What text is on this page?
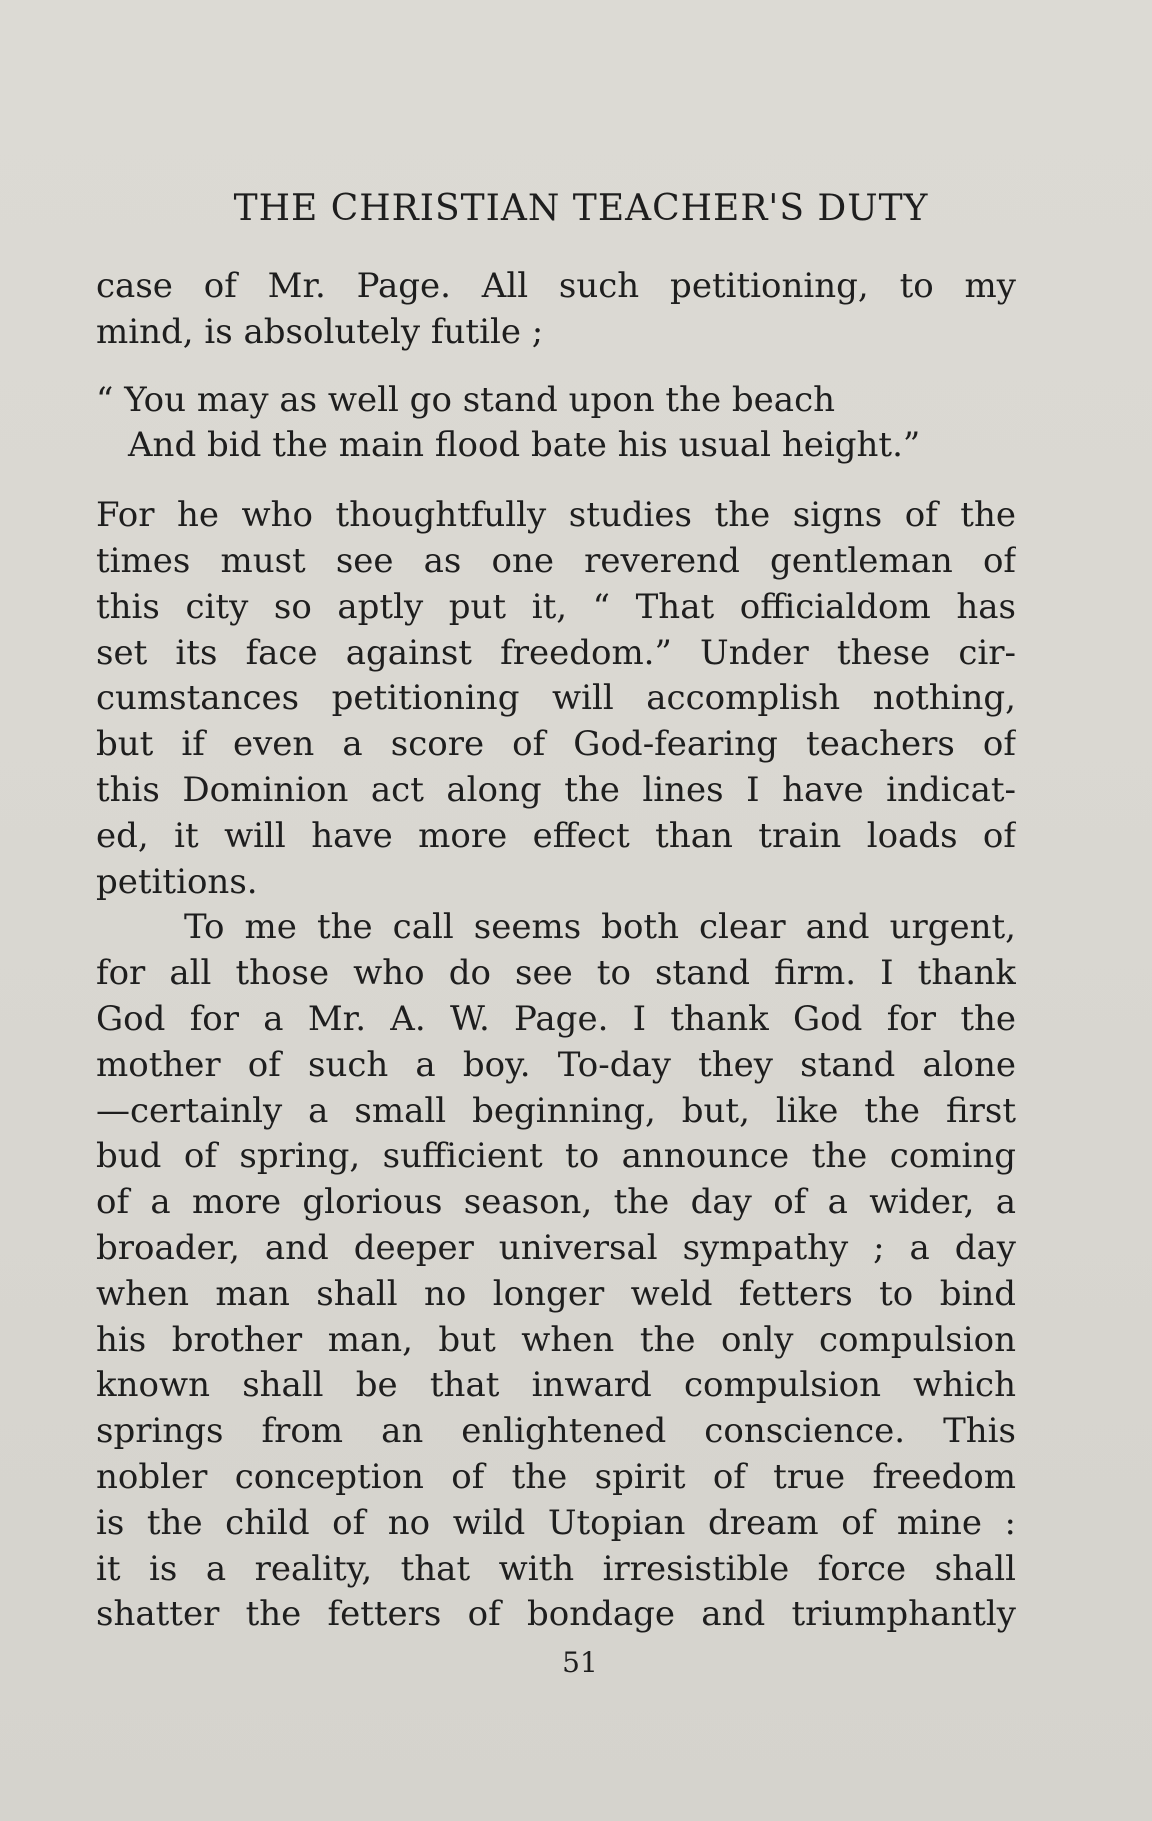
THE CHRISTIAN TEACHER'S DUTY
case of Mr. Page. All such petitioning, to my
mind, is absolutely futile ;
“ You may as well go stand upon the beach
And bid the main flood bate his usual height.”
For he who thoughtfully studies the signs of the
times must see as one reverend gentleman of
this city so aptly put it, “ That officialdom has
set its face against freedom.” Under these cir-
cumstances petitioning will accomplish nothing,
but if even a score of God-fearing teachers of
this Dominion act along the lines I have indicat-
ed, it will have more effect than train loads of
petitions.
To me the call seems both clear and urgent,
for all those who do see to stand firm. I thank
God for a Mr. A. W. Page. I thank God for the
mother of such a boy. To-day they stand alone
—certainly a small beginning, but, like the first
bud of spring, sufficient to announce the coming
of a more glorious season, the day of a wider, a
broader, and deeper universal sympathy ; a day
when man shall no longer weld fetters to bind
his brother man, but when the only compulsion
known shall be that inward compulsion which
springs from an enlightened conscience. This
nobler conception of the spirit of true freedom
is the child of no wild Utopian dream of mine :
it is a reality, that with irresistible force shall
shatter the fetters of bondage and triumphantly
51
